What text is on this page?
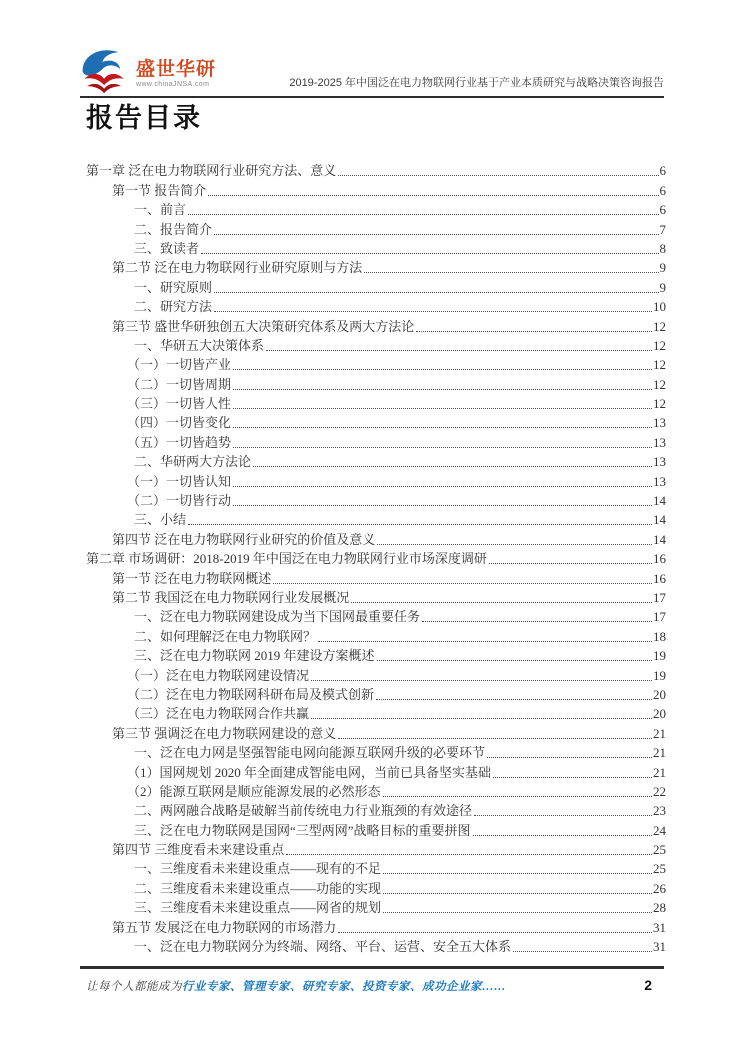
盛世华研
www.chinaJNSA.com	2019-2025 年中国泛在电力物联网行业基于产业本质研究与战略决策咨询报告
报告目录
第一章 泛在电力物联网行业研究方法、意义	6
第一节 报告简介	6
一、前言	6
二、报告简介	7
三、致读者	8
第二节 泛在电力物联网行业研究原则与方法	9
一、研究原则	9
二、研究方法	10
第三节 盛世华研独创五大决策研究体系及两大方法论	12
一、华研五大决策体系	12
（一）一切皆产业	12
（二）一切皆周期	12
（三）一切皆人性	12
（四）一切皆变化	13
（五）一切皆趋势	13
二、华研两大方法论	13
（一）一切皆认知	13
（二）一切皆行动	14
三、小结	14
第四节 泛在电力物联网行业研究的价值及意义	14
第二章 市场调研：2018-2019 年中国泛在电力物联网行业市场深度调研	16
第一节 泛在电力物联网概述	16
第二节 我国泛在电力物联网行业发展概况	17
一、泛在电力物联网建设成为当下国网最重要任务	17
二、如何理解泛在电力物联网？	18
三、泛在电力物联网 2019 年建设方案概述	19
（一）泛在电力物联网建设情况	19
（二）泛在电力物联网科研布局及模式创新	20
（三）泛在电力物联网合作共赢	20
第三节 强调泛在电力物联网建设的意义	21
一、泛在电力网是坚强智能电网向能源互联网升级的必要环节	21
（1）国网规划 2020 年全面建成智能电网，当前已具备坚实基础	21
（2）能源互联网是顺应能源发展的必然形态	22
二、两网融合战略是破解当前传统电力行业瓶颈的有效途径	23
三、泛在电力物联网是国网“三型两网”战略目标的重要拼图	24
第四节 三维度看未来建设重点	25
一、三维度看未来建设重点——现有的不足	25
二、三维度看未来建设重点——功能的实现	26
三、三维度看未来建设重点——网省的规划	28
第五节 发展泛在电力物联网的市场潜力	31
一、泛在电力物联网分为终端、网络、平台、运营、安全五大体系	31
让每个人都能成为行业专家、管理专家、研究专家、投资专家、成功企业家……	2
